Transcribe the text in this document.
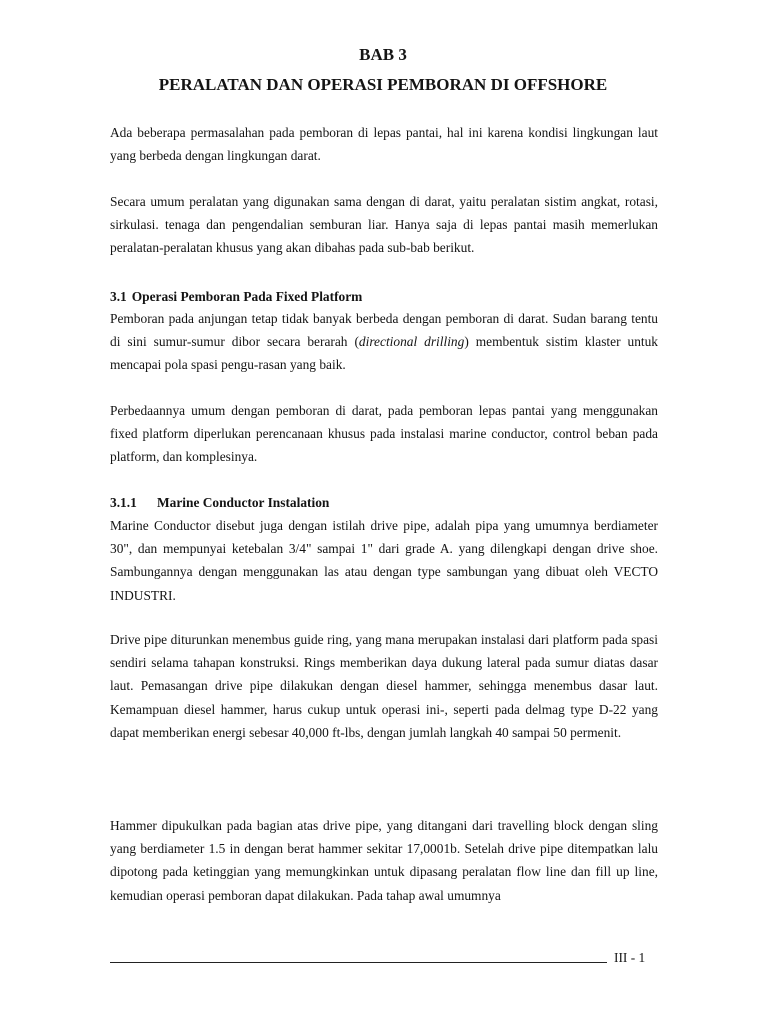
BAB 3
PERALATAN DAN OPERASI PEMBORAN DI OFFSHORE

Ada beberapa permasalahan pada pemboran di lepas pantai, hal ini karena kondisi lingkungan laut yang berbeda dengan lingkungan darat.

Secara umum peralatan yang digunakan sama dengan di darat, yaitu peralatan sistim angkat, rotasi, sirkulasi. tenaga dan pengendalian semburan liar. Hanya saja di lepas pantai masih memerlukan peralatan-peralatan khusus yang akan dibahas pada sub-bab berikut.

3.1 Operasi Pemboran Pada Fixed Platform

Pemboran pada anjungan tetap tidak banyak berbeda dengan pemboran di darat. Sudan barang tentu di sini sumur-sumur dibor secara berarah (directional drilling) membentuk sistim klaster untuk mencapai pola spasi pengu-rasan yang baik.

Perbedaannya umum dengan pemboran di darat, pada pemboran lepas pantai yang menggunakan fixed platform diperlukan perencanaan khusus pada instalasi marine conductor, control beban pada platform, dan komplesinya.

3.1.1 Marine Conductor Instalation

Marine Conductor disebut juga dengan istilah drive pipe, adalah pipa yang umumnya berdiameter 30", dan mempunyai ketebalan 3/4" sampai 1" dari grade A. yang dilengkapi dengan drive shoe. Sambungannya dengan menggunakan las atau dengan type sambungan yang dibuat oleh VECTO INDUSTRI.

Drive pipe diturunkan menembus guide ring, yang mana merupakan instalasi dari platform pada spasi sendiri selama tahapan konstruksi. Rings memberikan daya dukung lateral pada sumur diatas dasar laut. Pemasangan drive pipe dilakukan dengan diesel hammer, sehingga menembus dasar laut. Kemampuan diesel hammer, harus cukup untuk operasi ini-, seperti pada delmag type D-22 yang dapat memberikan energi sebesar 40,000 ft-lbs, dengan jumlah langkah 40 sampai 50 permenit.

Hammer dipukulkan pada bagian atas drive pipe, yang ditangani dari travelling block dengan sling yang berdiameter 1.5 in dengan berat hammer sekitar 17,0001b. Setelah drive pipe ditempatkan lalu dipotong pada ketinggian yang memungkinkan untuk dipasang peralatan flow line dan fill up line, kemudian operasi pemboran dapat dilakukan. Pada tahap awal umumnya

III - 1
